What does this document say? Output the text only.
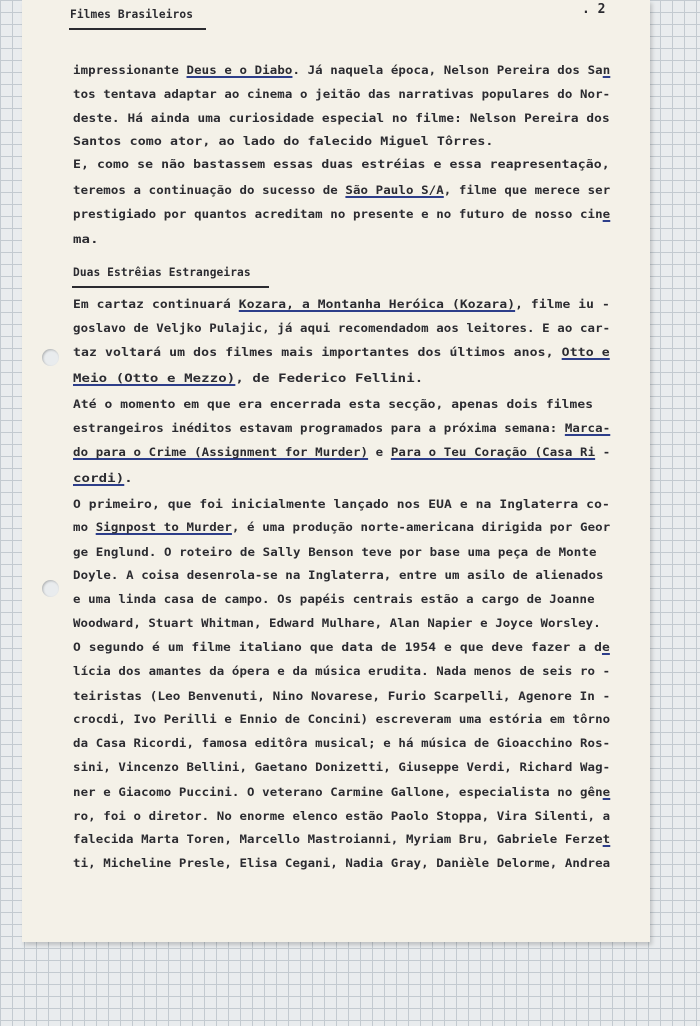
Filmes Brasileiros	. 2
Duas Estrêias Estrangeiras
impressionante Deus e o Diabo. Já naquela época, Nelson Pereira dos San
tos tentava adaptar ao cinema o jeitão das narrativas populares do Nor-
deste. Há ainda uma curiosidade especial no filme: Nelson Pereira dos
Santos como ator, ao lado do falecido Miguel Tôrres.
E, como se não bastassem essas duas estréias e essa reapresentação,
teremos a continuação do sucesso de São Paulo S/A, filme que merece ser
prestigiado por quantos acreditam no presente e no futuro de nosso cine
ma.
Em cartaz continuará Kozara, a Montanha Heróica (Kozara), filme iu -
goslavo de Veljko Pulajic, já aqui recomendadom aos leitores. E ao car-
taz voltará um dos filmes mais importantes dos últimos anos, Otto e
Meio (Otto e Mezzo), de Federico Fellini.
Até o momento em que era encerrada esta secção, apenas dois filmes
estrangeiros inéditos estavam programados para a próxima semana: Marca-
do para o Crime (Assignment for Murder) e Para o Teu Coração (Casa Ri -
cordi).
O primeiro, que foi inicialmente lançado nos EUA e na Inglaterra co-
mo Signpost to Murder, é uma produção norte-americana dirigida por Geor
ge Englund. O roteiro de Sally Benson teve por base uma peça de Monte
Doyle. A coisa desenrola-se na Inglaterra, entre um asilo de alienados
e uma linda casa de campo. Os papéis centrais estão a cargo de Joanne
Woodward, Stuart Whitman, Edward Mulhare, Alan Napier e Joyce Worsley.
O segundo é um filme italiano que data de 1954 e que deve fazer a de
lícia dos amantes da ópera e da música erudita. Nada menos de seis ro -
teiristas (Leo Benvenuti, Nino Novarese, Furio Scarpelli, Agenore In -
crocdi, Ivo Perilli e Ennio de Concini) escreveram uma estória em tôrno
da Casa Ricordi, famosa editôra musical; e há música de Gioacchino Ros-
sini, Vincenzo Bellini, Gaetano Donizetti, Giuseppe Verdi, Richard Wag-
ner e Giacomo Puccini. O veterano Carmine Gallone, especialista no gêne
ro, foi o diretor. No enorme elenco estão Paolo Stoppa, Vira Silenti, a
falecida Marta Toren, Marcello Mastroianni, Myriam Bru, Gabriele Ferzet
ti, Micheline Presle, Elisa Cegani, Nadia Gray, Danièle Delorme, Andrea
